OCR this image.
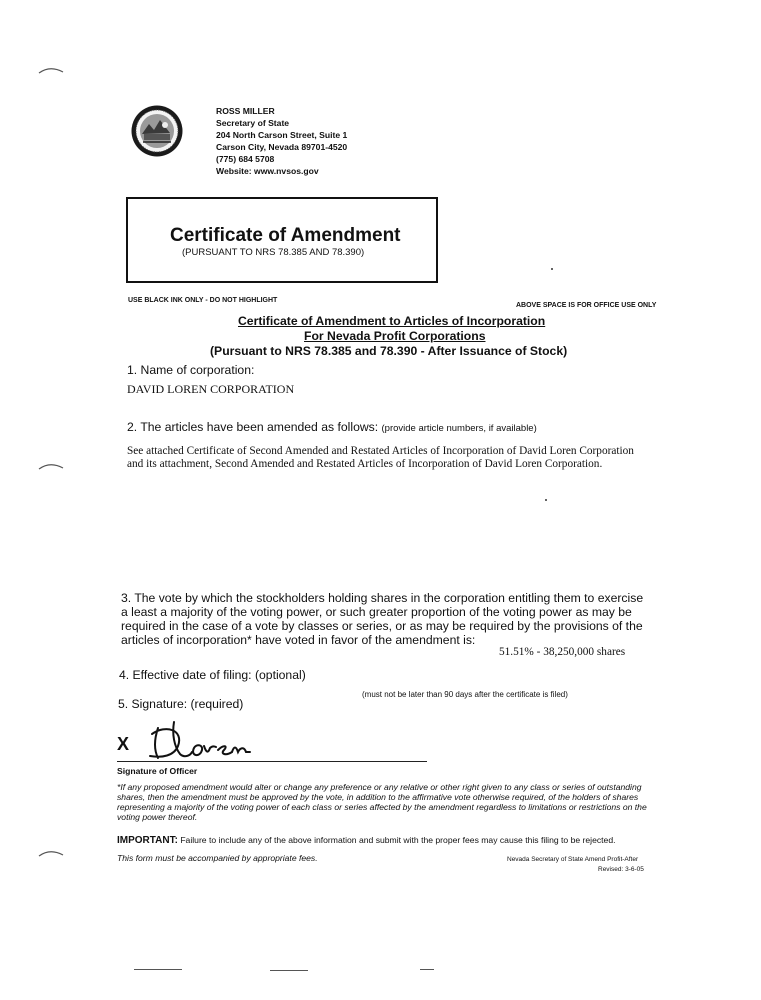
ROSS MILLER
Secretary of State
204 North Carson Street, Suite 1
Carson City, Nevada 89701-4520
(775) 684 5708
Website: www.nvsos.gov
Certificate of Amendment
(PURSUANT TO NRS 78.385 AND 78.390)
USE BLACK INK ONLY - DO NOT HIGHLIGHT
ABOVE SPACE IS FOR OFFICE USE ONLY
Certificate of Amendment to Articles of Incorporation
For Nevada Profit Corporations
(Pursuant to NRS 78.385 and 78.390 - After Issuance of Stock)
1. Name of corporation:
DAVID LOREN CORPORATION
2. The articles have been amended as follows: (provide article numbers, if available)
See attached Certificate of Second Amended and Restated Articles of Incorporation of David Loren Corporation and its attachment, Second Amended and Restated Articles of Incorporation of David Loren Corporation.
3. The vote by which the stockholders holding shares in the corporation entitling them to exercise
a least a majority of the voting power, or such greater proportion of the voting power as may be
required in the case of a vote by classes or series, or as may be required by the provisions of the
articles of incorporation* have voted in favor of the amendment is:
51.51% - 38,250,000 shares
4. Effective date of filing: (optional)
(must not be later than 90 days after the certificate is filed)
5. Signature: (required)
X
Signature of Officer
*If any proposed amendment would alter or change any preference or any relative or other right given to any class or series of outstanding shares, then the amendment must be approved by the vote, in addition to the affirmative vote otherwise required, of the holders of shares representing a majority of the voting power of each class or series affected by the amendment regardless to limitations or restrictions on the voting power thereof.
IMPORTANT: Failure to include any of the above information and submit with the proper fees may cause this filing to be rejected.
This form must be accompanied by appropriate fees.	Nevada Secretary of State Amend Profit-After
Revised: 3-6-05
